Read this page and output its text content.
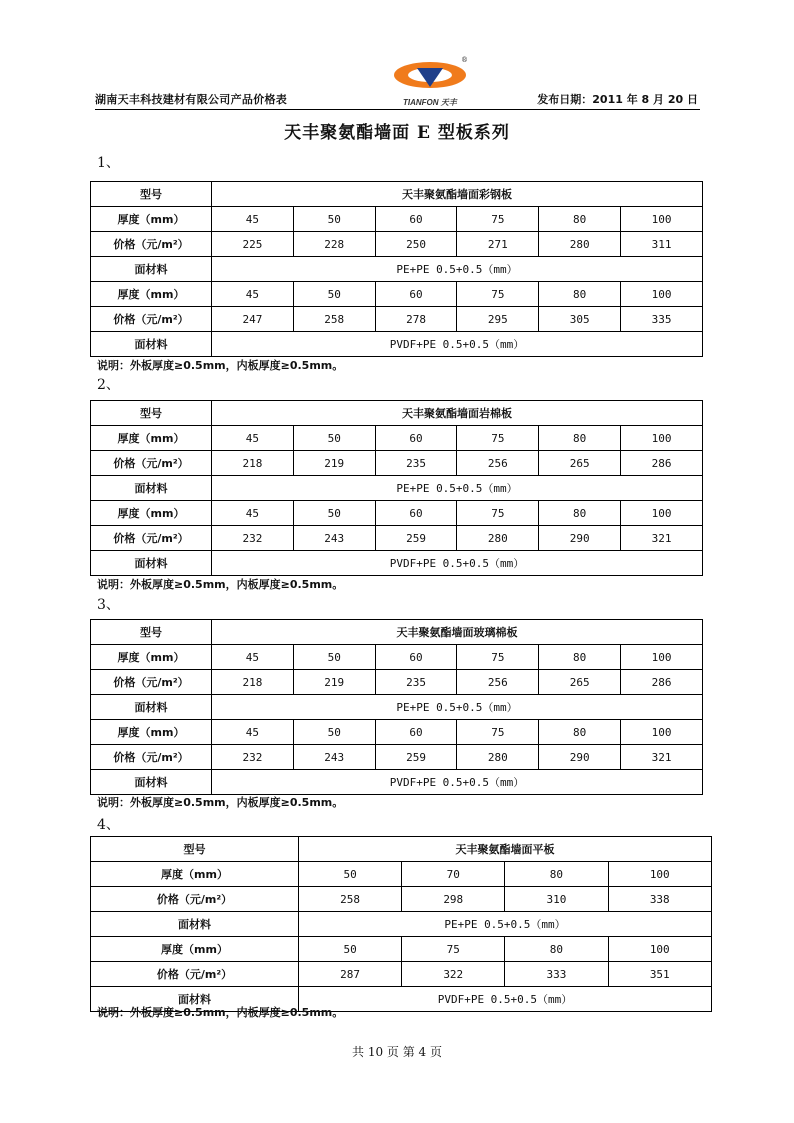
®
TIANFON 天丰
湖南天丰科技建材有限公司产品价格表	发布日期：2011 年 8 月 20 日
天丰聚氨酯墙面 E 型板系列
1、
型号	天丰聚氨酯墙面彩钢板					
厚度（mm）	45	50	60	75	80	100
价格（元/m²）	225	228	250	271	280	311
面材料	PE+PE 0.5+0.5（mm）					
厚度（mm）	45	50	60	75	80	100
价格（元/m²）	247	258	278	295	305	335
面材料	PVDF+PE 0.5+0.5（mm）					
说明：外板厚度≥0.5mm，内板厚度≥0.5mm。
2、
型号	天丰聚氨酯墙面岩棉板					
厚度（mm）	45	50	60	75	80	100
价格（元/m²）	218	219	235	256	265	286
面材料	PE+PE 0.5+0.5（mm）					
厚度（mm）	45	50	60	75	80	100
价格（元/m²）	232	243	259	280	290	321
面材料	PVDF+PE 0.5+0.5（mm）					
说明：外板厚度≥0.5mm，内板厚度≥0.5mm。
3、
型号	天丰聚氨酯墙面玻璃棉板					
厚度（mm）	45	50	60	75	80	100
价格（元/m²）	218	219	235	256	265	286
面材料	PE+PE 0.5+0.5（mm）					
厚度（mm）	45	50	60	75	80	100
价格（元/m²）	232	243	259	280	290	321
面材料	PVDF+PE 0.5+0.5（mm）					
说明：外板厚度≥0.5mm，内板厚度≥0.5mm。
4、
型号	天丰聚氨酯墙面平板			
厚度（mm）	50	70	80	100
价格（元/m²）	258	298	310	338
面材料	PE+PE 0.5+0.5（mm）			
厚度（mm）	50	75	80	100
价格（元/m²）	287	322	333	351
面材料	PVDF+PE 0.5+0.5（mm）			
说明：外板厚度≥0.5mm，内板厚度≥0.5mm。
共 10 页 第 4 页
